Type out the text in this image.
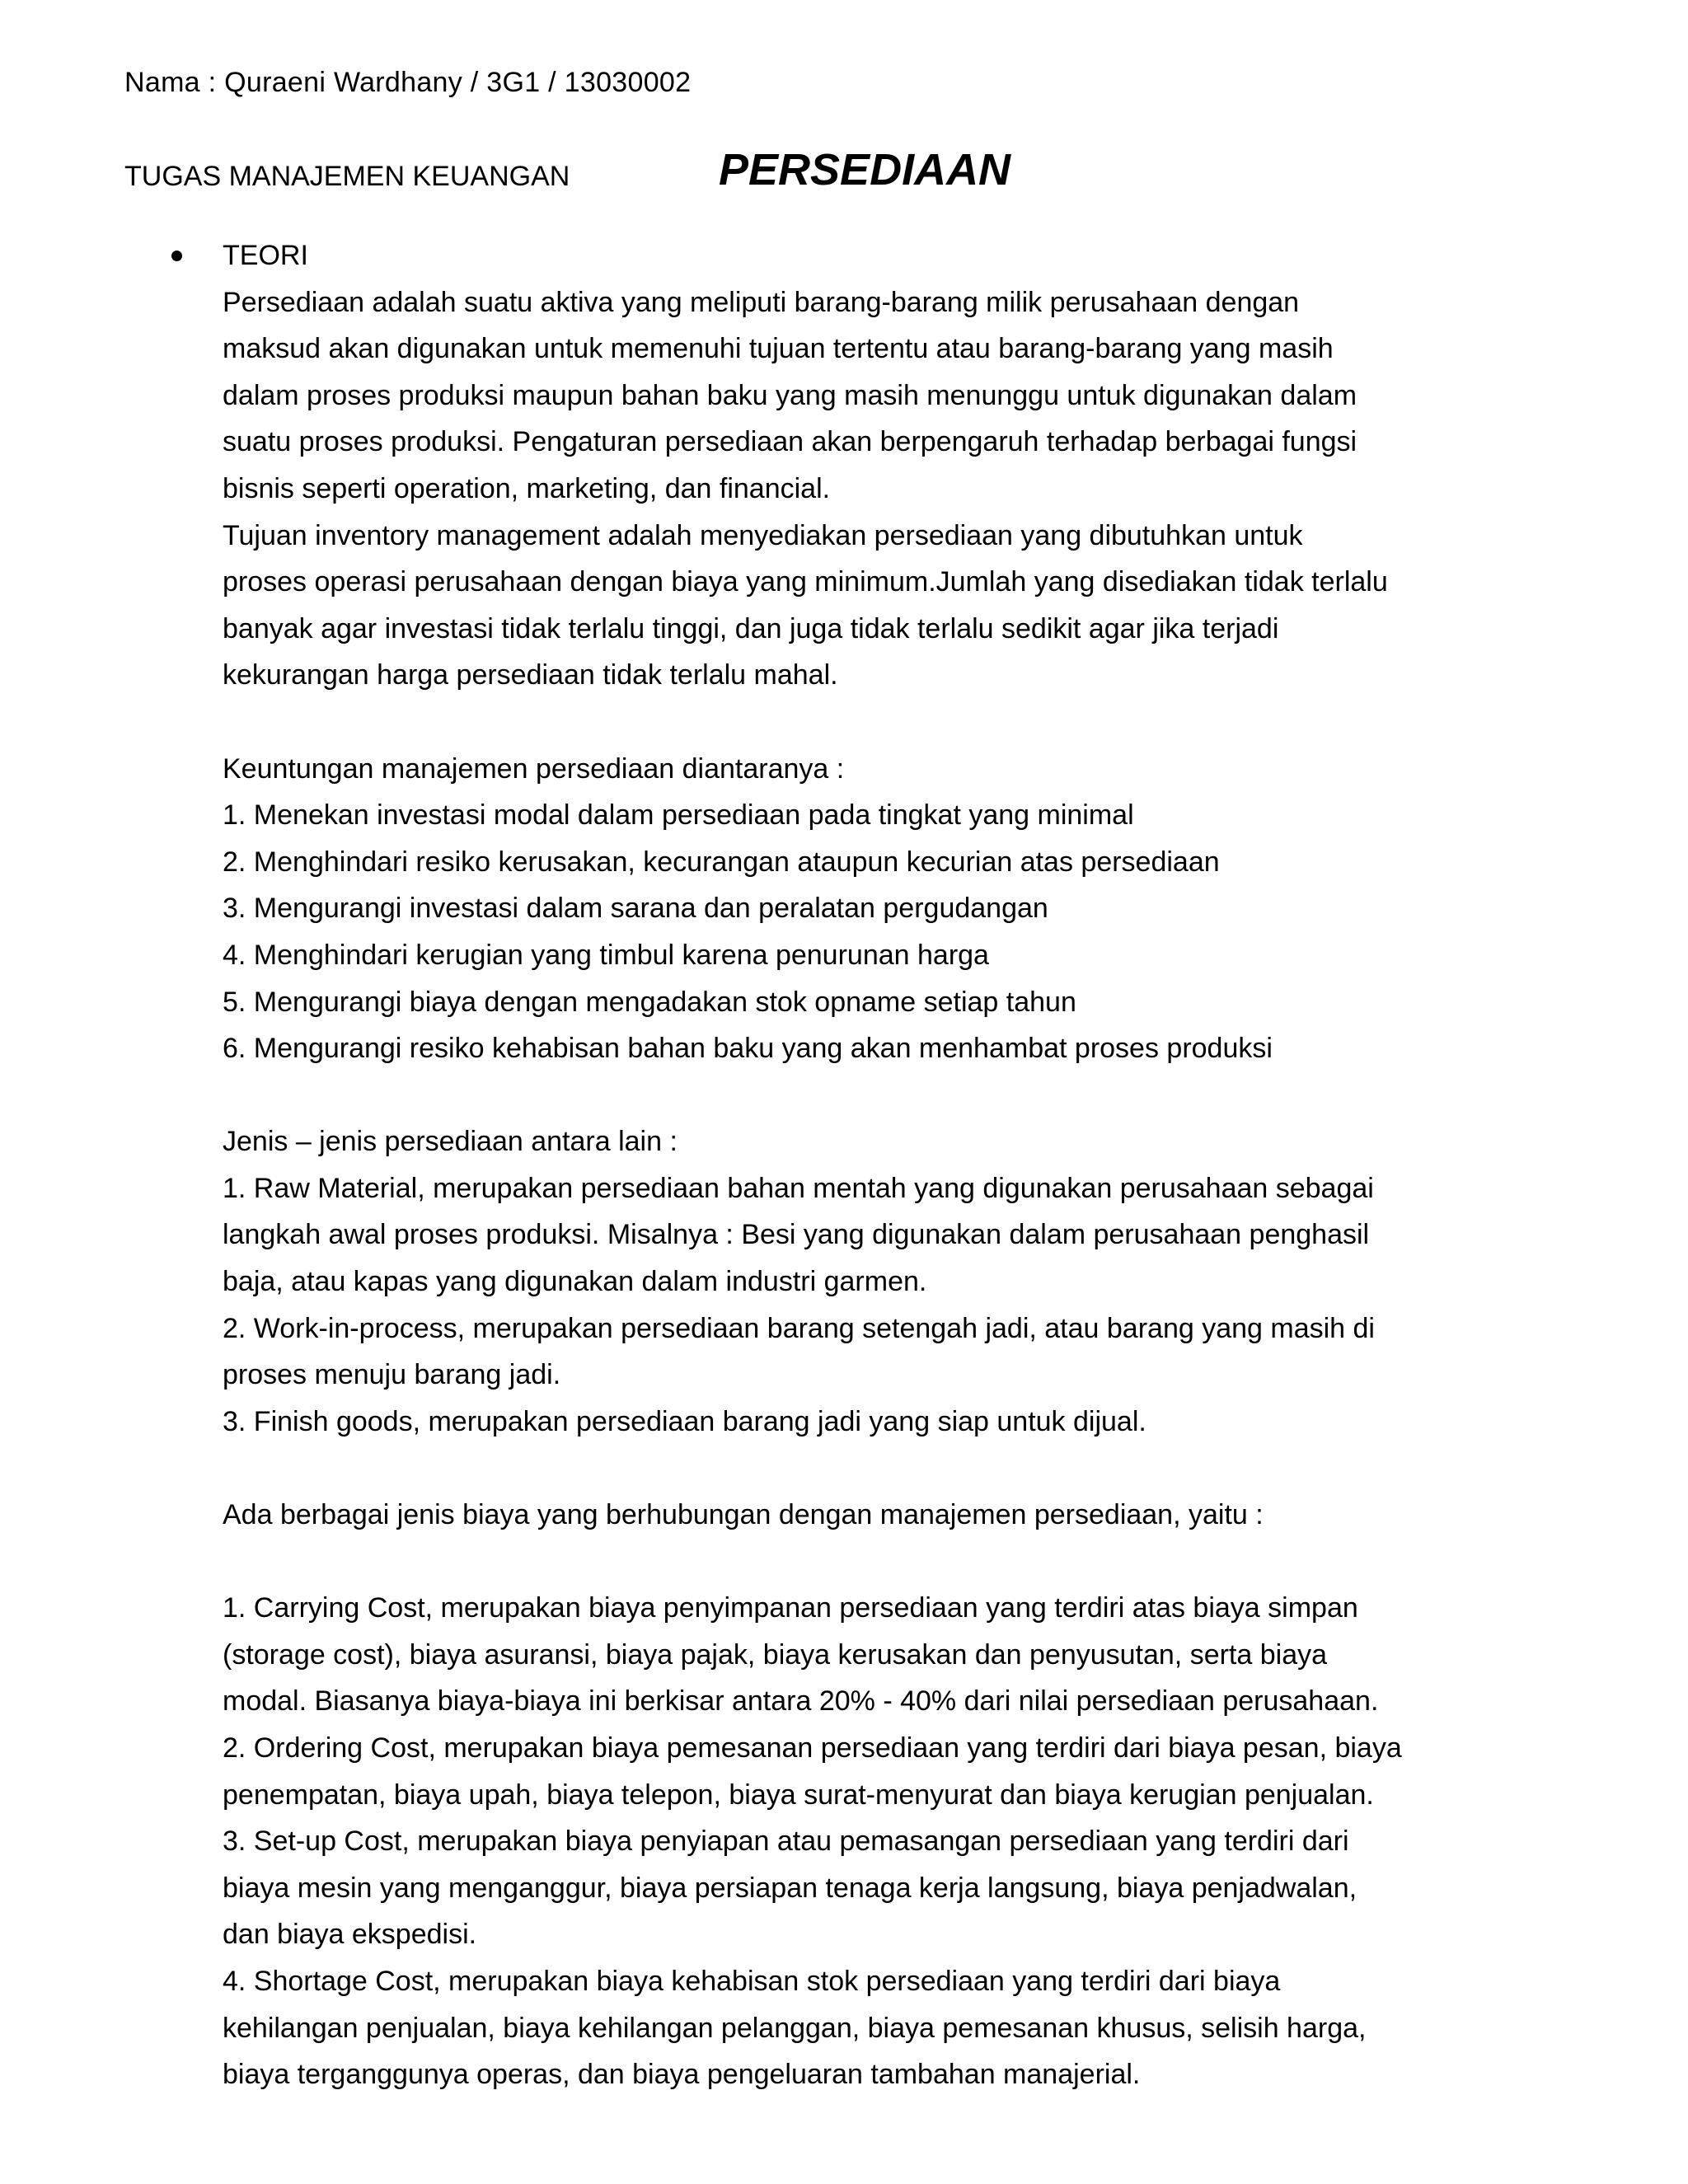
Nama : Quraeni Wardhany / 3G1 / 13030002
TUGAS MANAJEMEN KEUANGAN	PERSEDIAAN
TEORI
Persediaan adalah suatu aktiva yang meliputi barang-barang milik perusahaan dengan
maksud akan digunakan untuk memenuhi tujuan tertentu atau barang-barang yang masih
dalam proses produksi maupun bahan baku yang masih menunggu untuk digunakan dalam
suatu proses produksi. Pengaturan persediaan akan berpengaruh terhadap berbagai fungsi
bisnis seperti operation, marketing, dan financial.
Tujuan inventory management adalah menyediakan persediaan yang dibutuhkan untuk
proses operasi perusahaan dengan biaya yang minimum.Jumlah yang disediakan tidak terlalu
banyak agar investasi tidak terlalu tinggi, dan juga tidak terlalu sedikit agar jika terjadi
kekurangan harga persediaan tidak terlalu mahal.
Keuntungan manajemen persediaan diantaranya :
1. Menekan investasi modal dalam persediaan pada tingkat yang minimal
2. Menghindari resiko kerusakan, kecurangan ataupun kecurian atas persediaan
3. Mengurangi investasi dalam sarana dan peralatan pergudangan
4. Menghindari kerugian yang timbul karena penurunan harga
5. Mengurangi biaya dengan mengadakan stok opname setiap tahun
6. Mengurangi resiko kehabisan bahan baku yang akan menhambat proses produksi
Jenis – jenis persediaan antara lain :
1. Raw Material, merupakan persediaan bahan mentah yang digunakan perusahaan sebagai
langkah awal proses produksi. Misalnya : Besi yang digunakan dalam perusahaan penghasil
baja, atau kapas yang digunakan dalam industri garmen.
2. Work-in-process, merupakan persediaan barang setengah jadi, atau barang yang masih di
proses menuju barang jadi.
3. Finish goods, merupakan persediaan barang jadi yang siap untuk dijual.
Ada berbagai jenis biaya yang berhubungan dengan manajemen persediaan, yaitu :
1. Carrying Cost, merupakan biaya penyimpanan persediaan yang terdiri atas biaya simpan
(storage cost), biaya asuransi, biaya pajak, biaya kerusakan dan penyusutan, serta biaya
modal. Biasanya biaya-biaya ini berkisar antara 20% - 40% dari nilai persediaan perusahaan.
2. Ordering Cost, merupakan biaya pemesanan persediaan yang terdiri dari biaya pesan, biaya
penempatan, biaya upah, biaya telepon, biaya surat-menyurat dan biaya kerugian penjualan.
3. Set-up Cost, merupakan biaya penyiapan atau pemasangan persediaan yang terdiri dari
biaya mesin yang menganggur, biaya persiapan tenaga kerja langsung, biaya penjadwalan,
dan biaya ekspedisi.
4. Shortage Cost, merupakan biaya kehabisan stok persediaan yang terdiri dari biaya
kehilangan penjualan, biaya kehilangan pelanggan, biaya pemesanan khusus, selisih harga,
biaya terganggunya operas, dan biaya pengeluaran tambahan manajerial.
